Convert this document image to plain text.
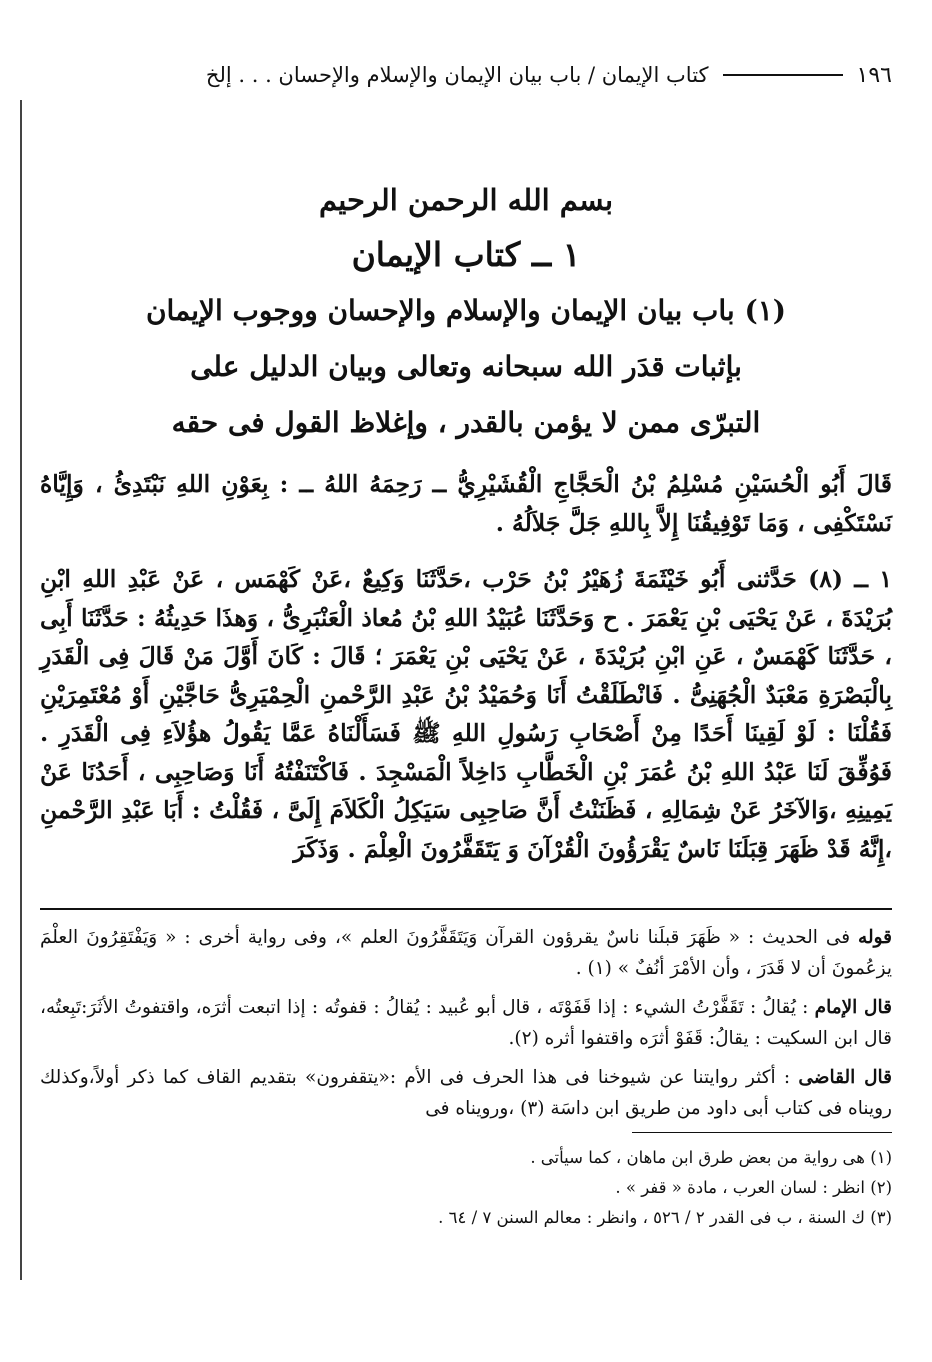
١٩٦
كتاب الإيمان / باب بيان الإيمان والإسلام والإحسان . . . إلخ
بسم الله الرحمن الرحيم
١ ــ كتاب الإيمان
(١) باب بيان الإيمان والإسلام والإحسان ووجوب الإيمان
بإثبات قدَر الله سبحانه وتعالى وبيان الدليل على
التبرّى ممن لا يؤمن بالقدر ، وإغلاظ القول فى حقه

قَالَ أَبُو الْحُسَيْنِ مُسْلِمُ بْنُ الْحَجَّاجِ الْقُشَيْرِيُّ ــ رَحِمَهُ اللهُ ــ : بِعَوْنِ اللهِ نَبْتَدِئُ ، وَإِيَّاهُ نَسْتَكْفِى ، وَمَا تَوْفِيقُنَا إِلاَّ بِاللهِ جَلَّ جَلاَلُهُ .

١ ــ (٨) حَدَّثنى أَبُو خَيْثَمَةَ زُهَيْرُ بْنُ حَرْب ،حَدَّثَنَا وَكِيعٌ ،عَنْ كَهْمَس ، عَنْ عَبْدِ اللهِ ابْنِ بُرَيْدَةَ ، عَنْ يَحْيَى بْنِ يَعْمَرَ . ح وَحَدَّثَنَا عُبَيْدُ اللهِ بْنُ مُعاذ الْعَنْبَرِىُّ ، وَهذَا حَدِيثُهُ : حَدَّثَنَا أَبِى ، حَدَّثَنَا كَهْمَسٌ ، عَنِ ابْنِ بُرَيْدَةَ ، عَنْ يَحْيَى بْنِ يَعْمَرَ ؛ قَالَ : كَانَ أَوَّلَ مَنْ قَالَ فِى الْقَدَرِ بِالْبَصْرَةِ مَعْبَدٌ الْجُهَنِىُّ . فَانْطَلَقْتُ أَنَا وَحُمَيْدُ بْنُ عَبْدِ الرَّحْمنِ الْحِمْيَرِىُّ حَاجَّيْنِ أَوْ مُعْتَمِرَيْنِ فَقُلْنَا : لَوْ لَقِينَا أَحَدًا مِنْ أَصْحَابِ رَسُولِ اللهِ ﷺ فَسَأَلْنَاهُ عَمَّا يَقُولُ هؤُلاَءِ فِى الْقَدَرِ . فَوُفِّقَ لَنَا عَبْدُ اللهِ بْنُ عُمَرَ بْنِ الْخَطَّابِ دَاخِلاً الْمَسْجِدَ . فَاكْتَنَفْتُهُ أَنَا وَصَاحِبِى ، أَحَدُنَا عَنْ يَمِينِهِ ،وَالآخَرُ عَنْ شِمَالِهِ ، فَظَنَنْتُ أَنَّ صَاحِبِى سَيَكِلُ الْكَلاَمَ إِلَىَّ ، فَقُلْتُ : أَبَا عَبْدِ الرَّحْمنِ ،إِنَّهُ قَدْ ظَهَرَ قِبَلَنَا نَاسٌ يَقْرَؤُونَ الْقُرْآنَ وَ يَتَقَفَّرُونَ الْعِلْمَ . وَذَكَرَ

قوله فى الحديث : « ظَهَرَ قبلَنا ناسٌ يقرؤون القرآن وَيَتَقَفَّرُونَ العلم »، وفى رواية أخرى : « وَيَفْتَقِرُونَ العلْمَ يزعُمونَ أن لا قَدَرَ ، وأن الأمْرَ أنُفٌ » (١) .

قال الإمام : يُقالُ : تَقَفَّرْتُ الشيء : إذا قَفَوْتَه ، قال أبو عُبيد : يُقالُ : قفوتُه : إذا اتبعت أثرَه، واقتفوتُ الأثَرَ:تَبِعتُه، قال ابن السكيت : يقالُ: قَفَوْ أثرَه واقتفوا أثره (٢).

قال القاضى : أكثر روايتنا عن شيوخنا فى هذا الحرف فى الأم :«يتقفرون» بتقديم القاف كما ذكر أولاً،وكذلك رويناه فى كتاب أبى داود من طريق ابن داسَة (٣) ،ورويناه فى

(١) هى رواية من بعض طرق ابن ماهان ، كما سيأتى .

(٢) انظر : لسان العرب ، مادة « قفر » .

(٣) ك السنة ، ب فى القدر ٢ / ٥٢٦ ، وانظر : معالم السنن ٧ / ٦٤ .
